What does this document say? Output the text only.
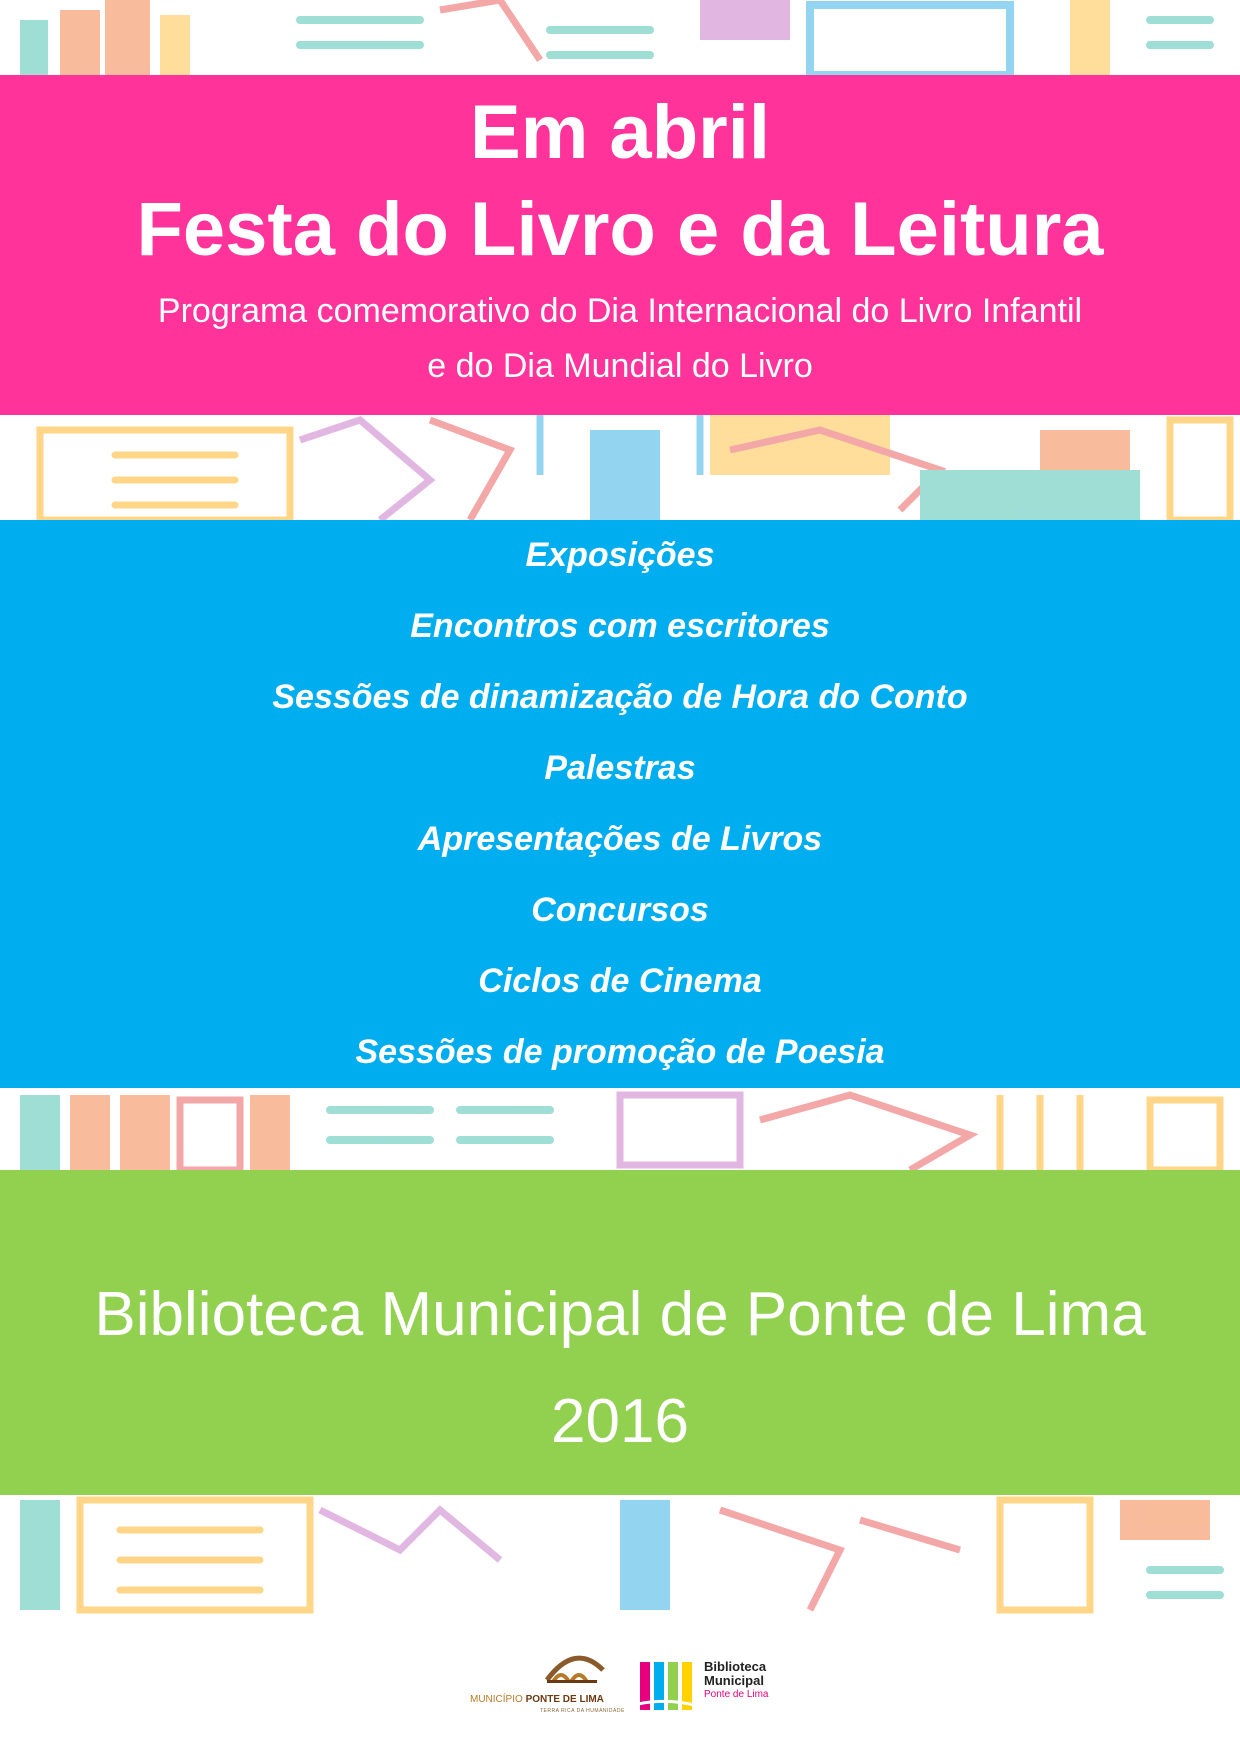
Em abril
Festa do Livro e da Leitura
Programa comemorativo do Dia Internacional do Livro Infantil
e do Dia Mundial do Livro
Exposições
Encontros com escritores
Sessões de dinamização de Hora do Conto
Palestras
Apresentações de Livros
Concursos
Ciclos de Cinema
Sessões de promoção de Poesia
Biblioteca Municipal de Ponte de Lima
2016
MUNICÍPIO PONTE DE LIMA
TERRA RICA DA HUMANIDADE
Biblioteca
Municipal
Ponte de Lima
